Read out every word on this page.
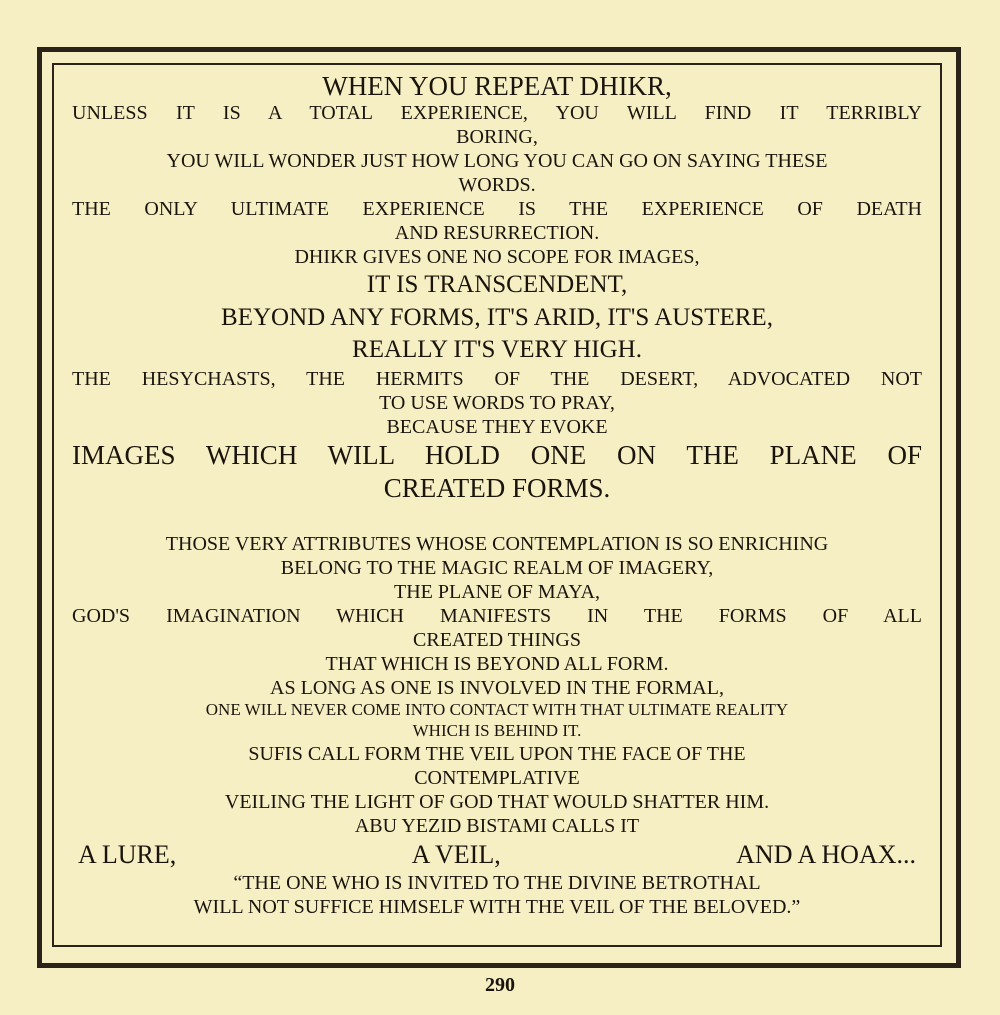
WHEN YOU REPEAT DHIKR,

UNLESS IT IS A TOTAL EXPERIENCE, YOU WILL FIND IT TERRIBLY

BORING,

YOU WILL WONDER JUST HOW LONG YOU CAN GO ON SAYING THESE

WORDS.

THE ONLY ULTIMATE EXPERIENCE IS THE EXPERIENCE OF DEATH

AND RESURRECTION.

DHIKR GIVES ONE NO SCOPE FOR IMAGES,

IT IS TRANSCENDENT,

BEYOND ANY FORMS, IT'S ARID, IT'S AUSTERE,

REALLY IT'S VERY HIGH.

THE HESYCHASTS, THE HERMITS OF THE DESERT, ADVOCATED NOT

TO USE WORDS TO PRAY,

BECAUSE THEY EVOKE

IMAGES WHICH WILL HOLD ONE ON THE PLANE OF

CREATED FORMS.

THOSE VERY ATTRIBUTES WHOSE CONTEMPLATION IS SO ENRICHING

BELONG TO THE MAGIC REALM OF IMAGERY,

THE PLANE OF MAYA,

GOD'S IMAGINATION WHICH MANIFESTS IN THE FORMS OF ALL

CREATED THINGS

THAT WHICH IS BEYOND ALL FORM.

AS LONG AS ONE IS INVOLVED IN THE FORMAL,

ONE WILL NEVER COME INTO CONTACT WITH THAT ULTIMATE REALITY

WHICH IS BEHIND IT.

SUFIS CALL FORM THE VEIL UPON THE FACE OF THE

CONTEMPLATIVE

VEILING THE LIGHT OF GOD THAT WOULD SHATTER HIM.

ABU YEZID BISTAMI CALLS IT

A LURE,	A VEIL,	AND A HOAX...

“THE ONE WHO IS INVITED TO THE DIVINE BETROTHAL

WILL NOT SUFFICE HIMSELF WITH THE VEIL OF THE BELOVED.”

290
